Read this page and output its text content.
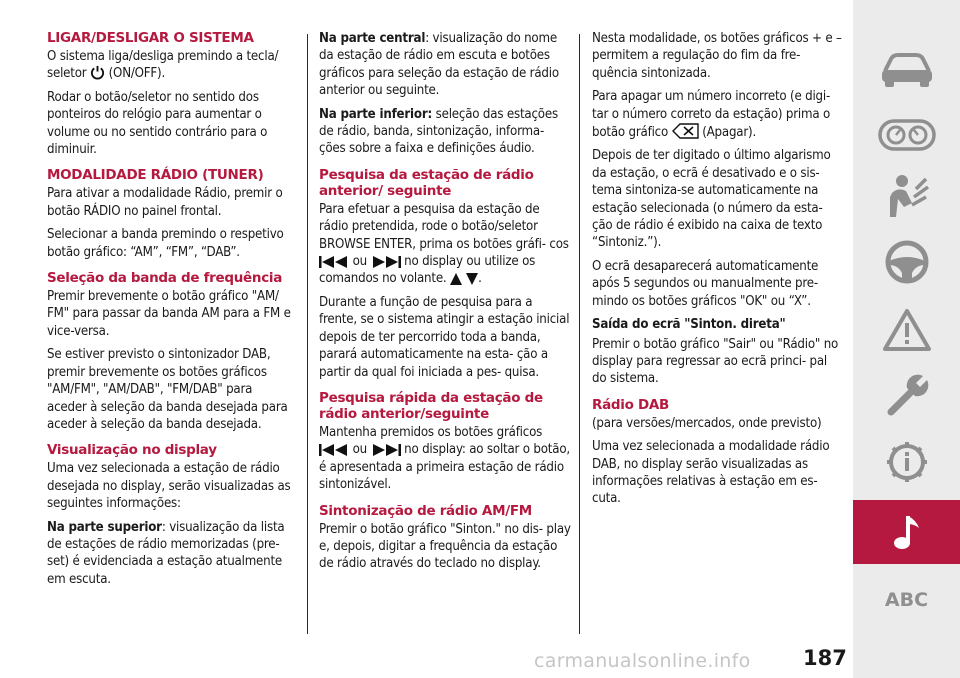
LIGAR/DESLIGAR O SISTEMA
O sistema liga/desliga premindo a tecla/ seletor (ON/OFF).
Rodar o botão/seletor no sentido dos ponteiros do relógio para aumentar o volume ou no sentido contrário para o diminuir.
MODALIDADE RÁDIO (TUNER)
Para ativar a modalidade Rádio, premir o botão RÁDIO no painel frontal.
Selecionar a banda premindo o respetivo botão gráfico: “AM”, “FM”, “DAB”.
Seleção da banda de frequência
Premir brevemente o botão gráfico "AM/ FM" para passar da banda AM para a FM e vice-versa.
Se estiver previsto o sintonizador DAB, premir brevemente os botões gráficos "AM/FM", "AM/DAB", "FM/DAB" para aceder à seleção da banda desejada para aceder à seleção da banda desejada.
Visualização no display
Uma vez selecionada a estação de rádio desejada no display, serão visualizadas as seguintes informações:
Na parte superior: visualização da lista de estações de rádio memorizadas (pre- set) é evidenciada a estação atualmente em escuta.
Na parte central: visualização do nome da estação de rádio em escuta e botões gráficos para seleção da estação de rádio anterior ou seguinte.
Na parte inferior: seleção das estações de rádio, banda, sintonização, informa- ções sobre a faixa e definições áudio.
Pesquisa da estação de rádio anterior/ seguinte
Para efetuar a pesquisa da estação de rádio pretendida, rode o botão/seletor BROWSE ENTER, prima os botões gráfi- cos  ou	no display ou utilize os comandos no volante. .
Durante a função de pesquisa para a frente, se o sistema atingir a estação inicial depois de ter percorrido toda a banda, parará automaticamente na esta- ção a partir da qual foi iniciada a pes- quisa.
Pesquisa rápida da estação de rádio anterior/seguinte
Mantenha premidos os botões gráficos  ou	no display: ao soltar o botão, é apresentada a primeira estação de rádio sintonizável.
Sintonização de rádio AM/FM
Premir o botão gráfico "Sinton." no dis- play e, depois, digitar a frequência da estação de rádio através do teclado no display.
Nesta modalidade, os botões gráficos + e – permitem a regulação do fim da fre- quência sintonizada.
Para apagar um número incorreto (e digi- tar o número correto da estação) prima o botão gráfico	(Apagar).
Depois de ter digitado o último algarismo da estação, o ecrã é desativado e o sis- tema sintoniza-se automaticamente na estação selecionada (o número da esta- ção de rádio é exibido na caixa de texto “Sintoniz.”).
O ecrã desaparecerá automaticamente após 5 segundos ou manualmente pre- mindo os botões gráficos "OK" ou “X”.
Saída do ecrã "Sinton. direta"
Premir o botão gráfico "Sair" ou "Rádio" no display para regressar ao ecrã princi- pal do sistema.
Rádio DAB
(para versões/mercados, onde previsto)
Uma vez selecionada a modalidade rádio DAB, no display serão visualizadas as informações relativas à estação em es- cuta.
ABC
carmanualsonline.info 187
